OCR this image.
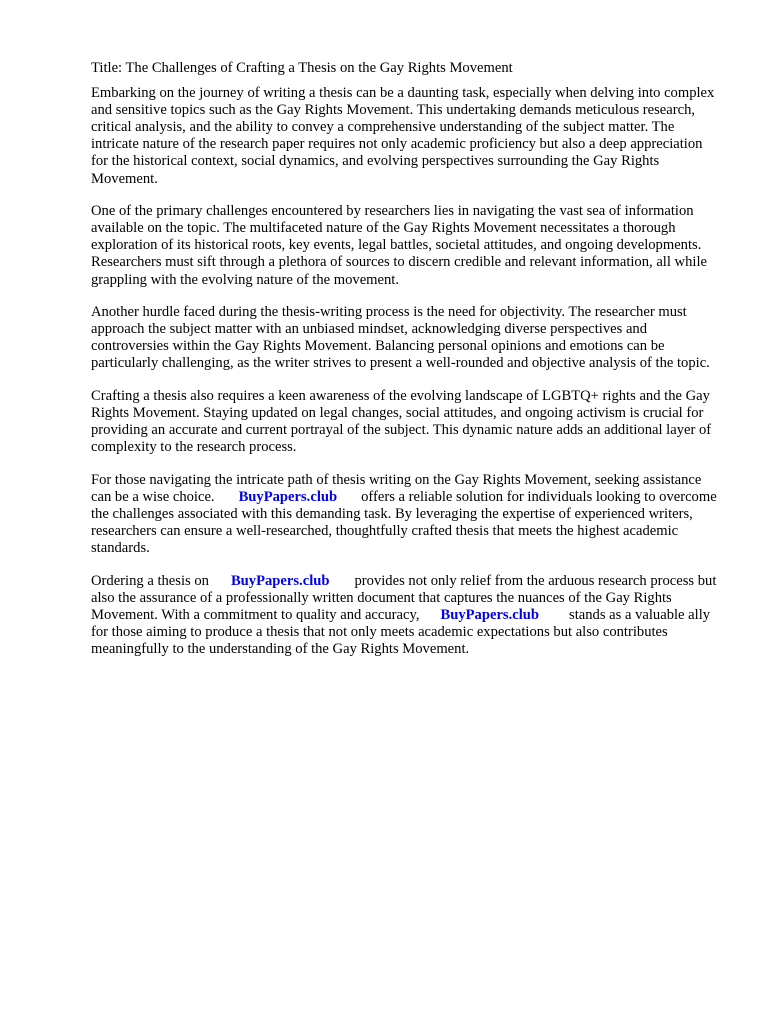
Title: The Challenges of Crafting a Thesis on the Gay Rights Movement

Embarking on the journey of writing a thesis can be a daunting task, especially when delving into complex and sensitive topics such as the Gay Rights Movement. This undertaking demands meticulous research, critical analysis, and the ability to convey a comprehensive understanding of the subject matter. The intricate nature of the research paper requires not only academic proficiency but also a deep appreciation for the historical context, social dynamics, and evolving perspectives surrounding the Gay Rights Movement.

One of the primary challenges encountered by researchers lies in navigating the vast sea of information available on the topic. The multifaceted nature of the Gay Rights Movement necessitates a thorough exploration of its historical roots, key events, legal battles, societal attitudes, and ongoing developments. Researchers must sift through a plethora of sources to discern credible and relevant information, all while grappling with the evolving nature of the movement.

Another hurdle faced during the thesis-writing process is the need for objectivity. The researcher must approach the subject matter with an unbiased mindset, acknowledging diverse perspectives and controversies within the Gay Rights Movement. Balancing personal opinions and emotions can be particularly challenging, as the writer strives to present a well-rounded and objective analysis of the topic.

Crafting a thesis also requires a keen awareness of the evolving landscape of LGBTQ+ rights and the Gay Rights Movement. Staying updated on legal changes, social attitudes, and ongoing activism is crucial for providing an accurate and current portrayal of the subject. This dynamic nature adds an additional layer of complexity to the research process.

For those navigating the intricate path of thesis writing on the Gay Rights Movement, seeking assistance can be a wise choice. BuyPapers.club offers a reliable solution for individuals looking to overcome the challenges associated with this demanding task. By leveraging the expertise of experienced writers, researchers can ensure a well-researched, thoughtfully crafted thesis that meets the highest academic standards.

Ordering a thesis on BuyPapers.club provides not only relief from the arduous research process but also the assurance of a professionally written document that captures the nuances of the Gay Rights Movement. With a commitment to quality and accuracy, BuyPapers.club stands as a valuable ally for those aiming to produce a thesis that not only meets academic expectations but also contributes meaningfully to the understanding of the Gay Rights Movement.
